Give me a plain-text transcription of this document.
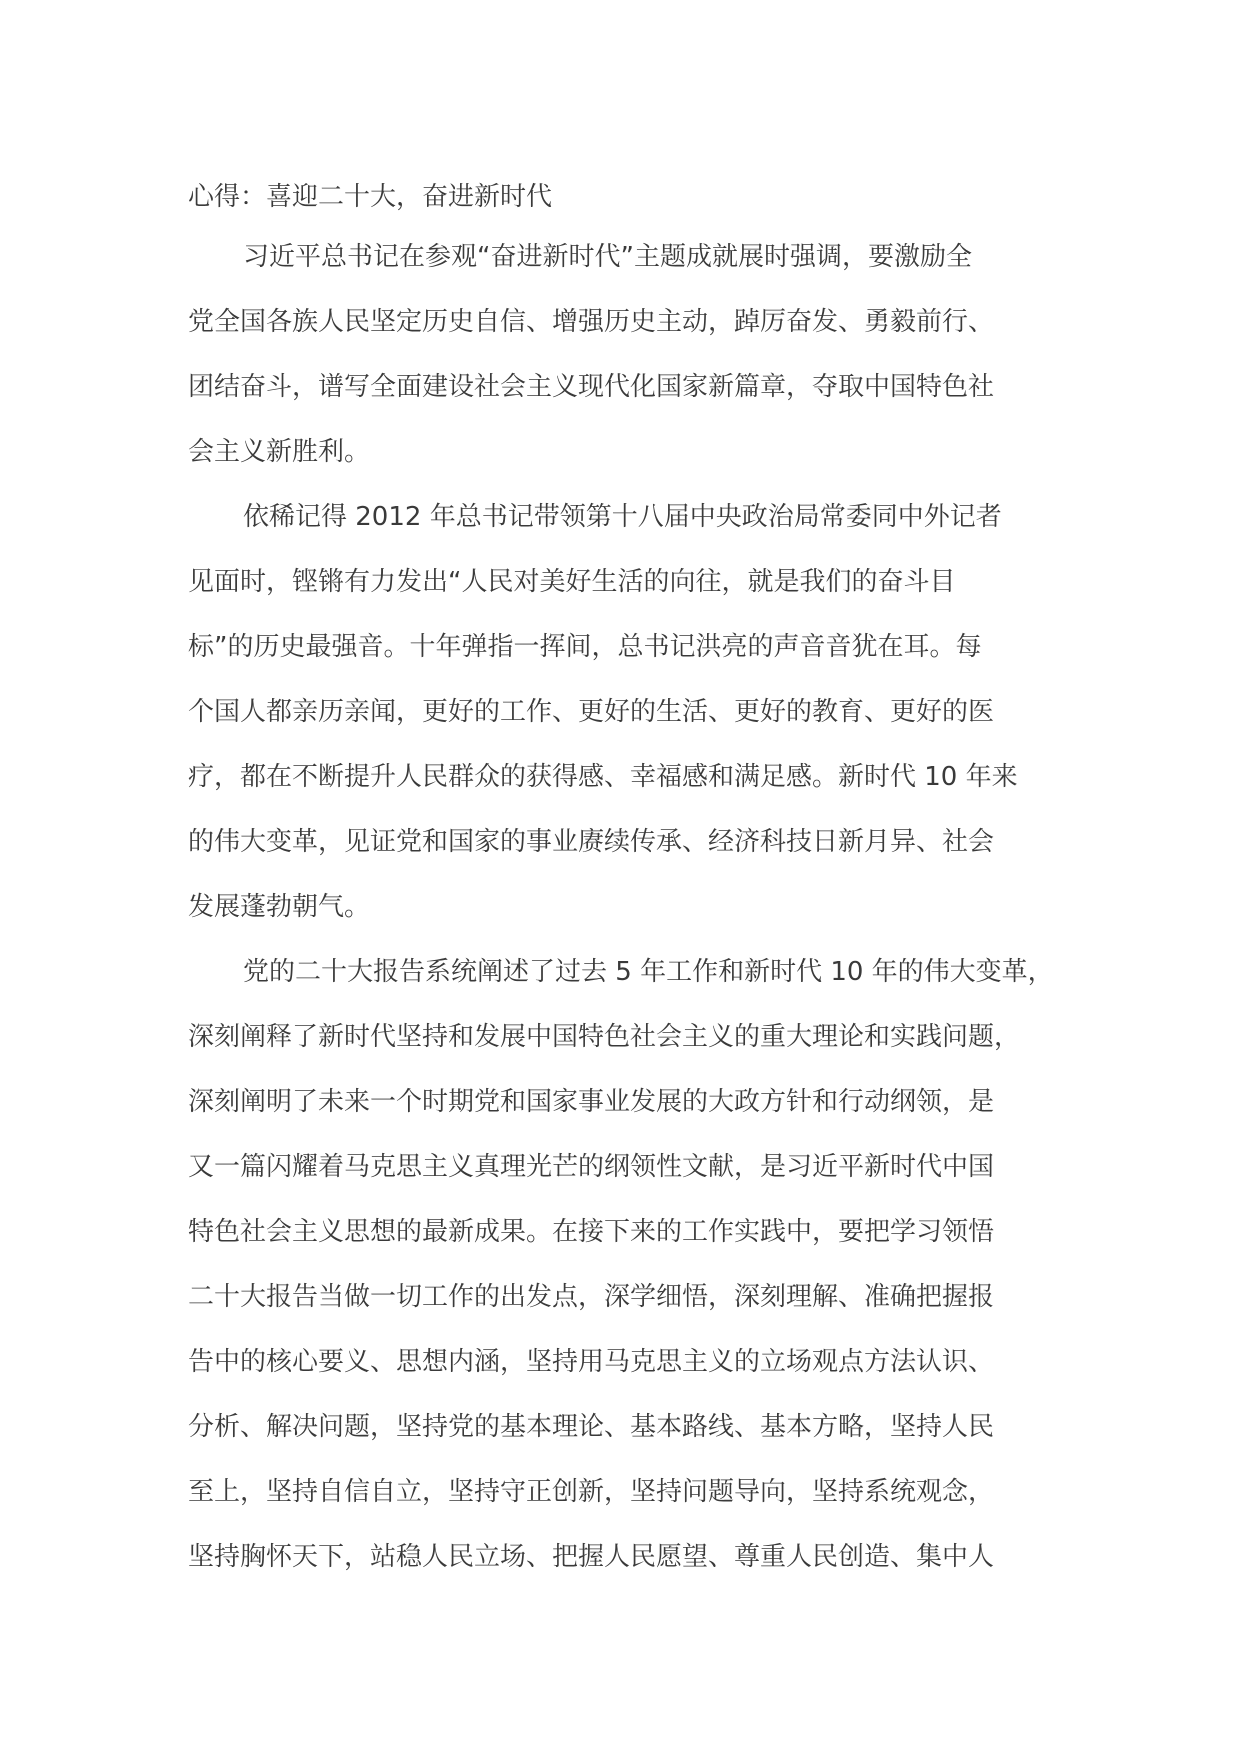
心得：喜迎二十大，奋进新时代
习近平总书记在参观“奋进新时代”主题成就展时强调，要激励全
党全国各族人民坚定历史自信、增强历史主动，踔厉奋发、勇毅前行、
团结奋斗，谱写全面建设社会主义现代化国家新篇章，夺取中国特色社
会主义新胜利。
依稀记得 2012 年总书记带领第十八届中央政治局常委同中外记者
见面时，铿锵有力发出“人民对美好生活的向往，就是我们的奋斗目
标”的历史最强音。十年弹指一挥间，总书记洪亮的声音音犹在耳。每
个国人都亲历亲闻，更好的工作、更好的生活、更好的教育、更好的医
疗，都在不断提升人民群众的获得感、幸福感和满足感。新时代 10 年来
的伟大变革，见证党和国家的事业赓续传承、经济科技日新月异、社会
发展蓬勃朝气。
党的二十大报告系统阐述了过去 5 年工作和新时代 10 年的伟大变革，
深刻阐释了新时代坚持和发展中国特色社会主义的重大理论和实践问题，
深刻阐明了未来一个时期党和国家事业发展的大政方针和行动纲领，是
又一篇闪耀着马克思主义真理光芒的纲领性文献，是习近平新时代中国
特色社会主义思想的最新成果。在接下来的工作实践中，要把学习领悟
二十大报告当做一切工作的出发点，深学细悟，深刻理解、准确把握报
告中的核心要义、思想内涵，坚持用马克思主义的立场观点方法认识、
分析、解决问题，坚持党的基本理论、基本路线、基本方略，坚持人民
至上，坚持自信自立，坚持守正创新，坚持问题导向，坚持系统观念，
坚持胸怀天下，站稳人民立场、把握人民愿望、尊重人民创造、集中人
